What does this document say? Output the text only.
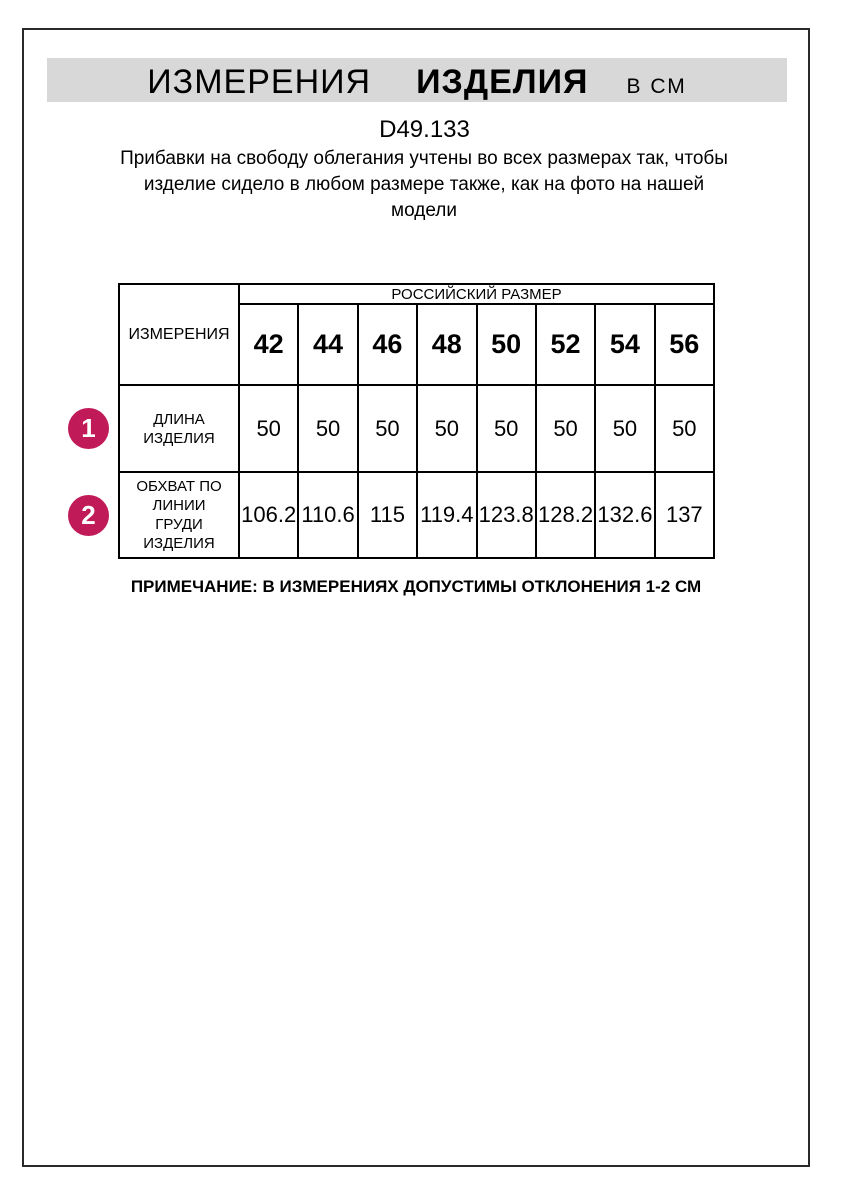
ИЗМЕРЕНИЯ ИЗДЕЛИЯ В СМ
D49.133
Прибавки на свободу облегания учтены во всех размерах так, чтобы
изделие сидело в любом размере также, как на фото на нашей
модели
ИЗМЕРЕНИЯ	РОССИЙСКИЙ РАЗМЕР							
	42	44	46	48	50	52	54	56
ДЛИНА ИЗДЕЛИЯ	50	50	50	50	50	50	50	50
ОБХВАТ ПО ЛИНИИ ГРУДИ ИЗДЕЛИЯ	106.2	110.6	115	119.4	123.8	128.2	132.6	137
1
2
ПРИМЕЧАНИЕ: В ИЗМЕРЕНИЯХ ДОПУСТИМЫ ОТКЛОНЕНИЯ 1-2 СМ
